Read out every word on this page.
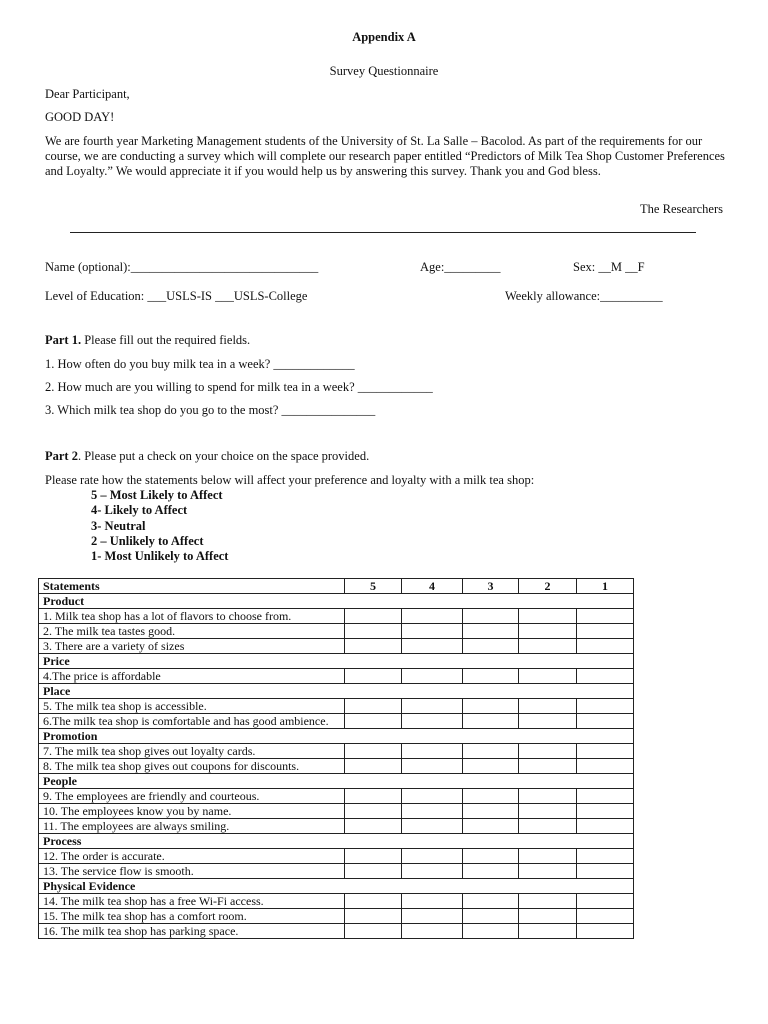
Appendix A
Survey Questionnaire
Dear Participant,
GOOD DAY!
We are fourth year Marketing Management students of the University of St. La Salle – Bacolod. As part of the requirements for our course, we are conducting a survey which will complete our research paper entitled “Predictors of Milk Tea Shop Customer Preferences and Loyalty.” We would appreciate it if you would help us by answering this survey. Thank you and God bless.
The Researchers
Name (optional):______________________________	Age:_________	Sex: __M __F
Level of Education: ___USLS-IS ___USLS-College	Weekly allowance:__________
Part 1. Please fill out the required fields.
1. How often do you buy milk tea in a week? _____________
2. How much are you willing to spend for milk tea in a week? ____________
3. Which milk tea shop do you go to the most? _______________
Part 2. Please put a check on your choice on the space provided.
Please rate how the statements below will affect your preference and loyalty with a milk tea shop:
5 – Most Likely to Affect
4- Likely to Affect
3- Neutral
2 – Unlikely to Affect
1- Most Unlikely to Affect
Statements	5	4	3	2	1
Product					
1. Milk tea shop has a lot of flavors to choose from.					
2. The milk tea tastes good.					
3. There are a variety of sizes					
Price					
4.The price is affordable					
Place					
5. The milk tea shop is accessible.					
6.The milk tea shop is comfortable and has good ambience.					
Promotion					
7. The milk tea shop gives out loyalty cards.					
8. The milk tea shop gives out coupons for discounts.					
People					
9. The employees are friendly and courteous.					
10. The employees know you by name.					
11. The employees are always smiling.					
Process					
12. The order is accurate.					
13. The service flow is smooth.					
Physical Evidence					
14. The milk tea shop has a free Wi-Fi access.					
15. The milk tea shop has a comfort room.					
16. The milk tea shop has parking space.					
